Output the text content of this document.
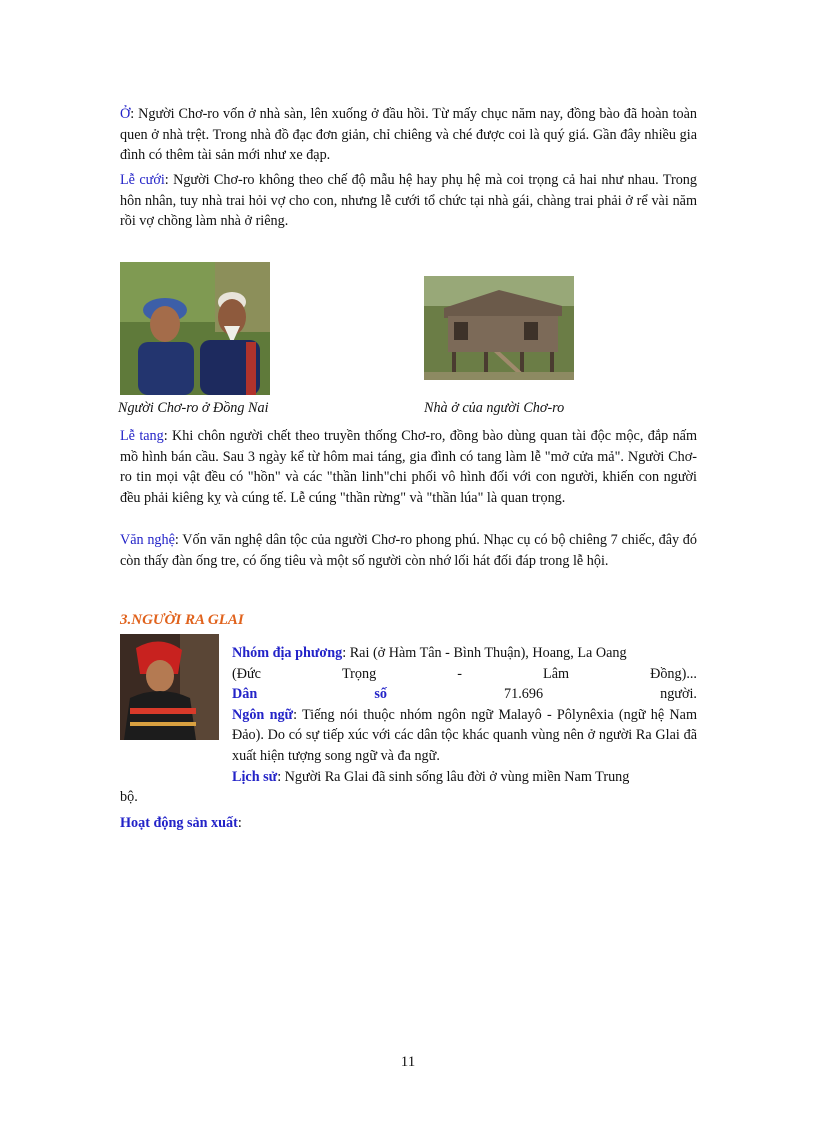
Ở: Người Chơ-ro vốn ở nhà sàn, lên xuống ở đầu hồi. Từ mấy chục năm nay, đồng bào đã hoàn toàn quen ở nhà trệt. Trong nhà đồ đạc đơn giản, chỉ chiêng và ché được coi là quý giá. Gần đây nhiều gia đình có thêm tài sản mới như xe đạp.

Lễ cưới: Người Chơ-ro không theo chế độ mẫu hệ hay phụ hệ mà coi trọng cả hai như nhau. Trong hôn nhân, tuy nhà trai hỏi vợ cho con, nhưng lễ cưới tổ chức tại nhà gái, chàng trai phải ở rể vài năm rồi vợ chồng làm nhà ở riêng.

Người Chơ-ro ở Đồng Nai	Nhà ở của người Chơ-ro

Lễ tang: Khi chôn người chết theo truyền thống Chơ-ro, đồng bào dùng quan tài độc mộc, đắp nấm mồ hình bán cầu. Sau 3 ngày kể từ hôm mai táng, gia đình có tang làm lễ "mở cửa mả". Người Chơ-ro tin mọi vật đều có "hồn" và các "thần linh"chi phối vô hình đối với con người, khiến con người đều phải kiêng kỵ và cúng tế. Lễ cúng "thần rừng" và "thần lúa" là quan trọng.

Văn nghệ: Vốn văn nghệ dân tộc của người Chơ-ro phong phú. Nhạc cụ có bộ chiêng 7 chiếc, đây đó còn thấy đàn ống tre, có ống tiêu và một số người còn nhớ lối hát đối đáp trong lễ hội.

3.NGƯỜI RA GLAI
Nhóm địa phương: Rai (ở Hàm Tân - Bình Thuận), Hoang, La Oang
(Đức	Trọng	-	Lâm	Đồng)...
Dân	số	71.696	người.
Ngôn ngữ: Tiếng nói thuộc nhóm ngôn ngữ Malayô - Pôlynêxia (ngữ hệ Nam Đảo). Do có sự tiếp xúc với các dân tộc khác quanh vùng nên ở người Ra Glai đã xuất hiện tượng song ngữ và đa ngữ.
Lịch sử: Người Ra Glai đã sinh sống lâu đời ở vùng miền Nam Trung
bộ.
Hoạt động sản xuất:
11
